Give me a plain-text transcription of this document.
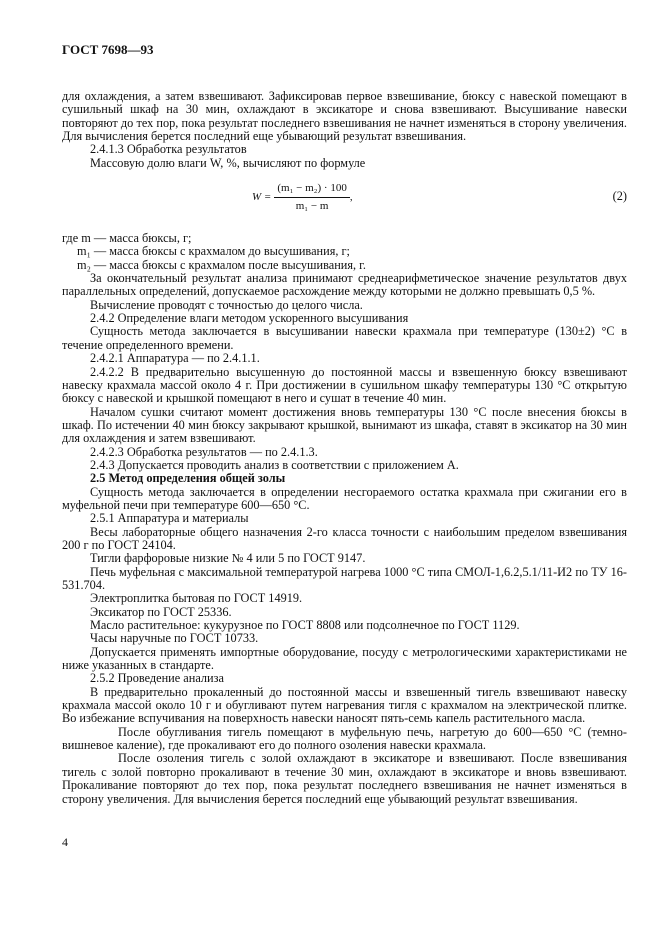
ГОСТ 7698—93

для охлаждения, а затем взвешивают. Зафиксировав первое взвешивание, бюксу с навеской помещают в сушильный шкаф на 30 мин, охлаждают в эксикаторе и снова взвешивают. Высушивание навески повторяют до тех пор, пока результат последнего взвешивания не начнет изменяться в сторону увеличения. Для вычисления берется последний еще убывающий результат взвешивания.

2.4.1.3 Обработка результатов

Массовую долю влаги W, %, вычисляют по формуле

$W = \frac{\text{(m₁ − m₂) · 100}}{\text{m₁ − m}}$ ,	(2)

где m — масса бюксы, г;

m₁ — масса бюксы с крахмалом до высушивания, г;

m₂ — масса бюксы с крахмалом после высушивания, г.

За окончательный результат анализа принимают среднеарифметическое значение результатов двух параллельных определений, допускаемое расхождение между которыми не должно превышать 0,5 %.

Вычисление проводят с точностью до целого числа.

2.4.2 Определение влаги методом ускоренного высушивания

Сущность метода заключается в высушивании навески крахмала при температуре (130±2) °С в течение определенного времени.

2.4.2.1 Аппаратура — по 2.4.1.1.

2.4.2.2 В предварительно высушенную до постоянной массы и взвешенную бюксу взвешивают навеску крахмала массой около 4 г. При достижении в сушильном шкафу температуры 130 °С открытую бюксу с навеской и крышкой помещают в него и сушат в течение 40 мин.

Началом сушки считают момент достижения вновь температуры 130 °С после внесения бюксы в шкаф. По истечении 40 мин бюксу закрывают крышкой, вынимают из шкафа, ставят в эксикатор на 30 мин для охлаждения и затем взвешивают.

2.4.2.3 Обработка результатов — по 2.4.1.3.

2.4.3 Допускается проводить анализ в соответствии с приложением А.

2.5 Метод определения общей золы

Сущность метода заключается в определении несгораемого остатка крахмала при сжигании его в муфельной печи при температуре 600—650 °С.

2.5.1 Аппаратура и материалы

Весы лабораторные общего назначения 2-го класса точности с наибольшим пределом взвешивания 200 г по ГОСТ 24104.

Тигли фарфоровые низкие № 4 или 5 по ГОСТ 9147.

Печь муфельная с максимальной температурой нагрева 1000 °С типа СМОЛ-1,6.2,5.1/11-И2 по ТУ 16-531.704.

Электроплитка бытовая по ГОСТ 14919.

Эксикатор по ГОСТ 25336.

Масло растительное: кукурузное по ГОСТ 8808 или подсолнечное по ГОСТ 1129.

Часы наручные по ГОСТ 10733.

Допускается применять импортные оборудование, посуду с метрологическими характеристиками не ниже указанных в стандарте.

2.5.2 Проведение анализа

В предварительно прокаленный до постоянной массы и взвешенный тигель взвешивают навеску крахмала массой около 10 г и обугливают путем нагревания тигля с крахмалом на электрической плитке. Во избежание вспучивания на поверхность навески наносят пять-семь капель растительного масла.

После обугливания тигель помещают в муфельную печь, нагретую до 600—650 °С (темно-вишневое каление), где прокаливают его до полного озоления навески крахмала.

После озоления тигель с золой охлаждают в эксикаторе и взвешивают. После взвешивания тигель с золой повторно прокаливают в течение 30 мин, охлаждают в эксикаторе и вновь взвешивают. Прокаливание повторяют до тех пор, пока результат последнего взвешивания не начнет изменяться в сторону увеличения. Для вычисления берется последний еще убывающий результат взвешивания.

4
